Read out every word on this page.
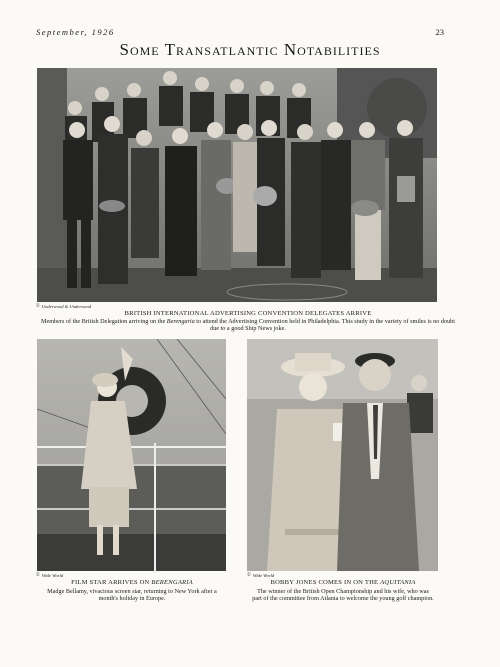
September, 1926	23
Some Transatlantic Notabilities
© Underwood & Underwood
BRITISH INTERNATIONAL ADVERTISING CONVENTION DELEGATES ARRIVE
Members of the British Delegation arriving on the Berengaria to attend the Advertising Convention held in Philadelphia. This study in the variety of smiles is no doubt due to a good Ship News joke.
© Wide World
FILM STAR ARRIVES ON BERENGARIA
Madge Bellamy, vivacious screen star, returning to New York after a month's holiday in Europe.
© Wide World
BOBBY JONES COMES IN ON THE AQUITANIA
The winner of the British Open Championship and his wife, who was part of the committee from Atlanta to welcome the young golf champion.
